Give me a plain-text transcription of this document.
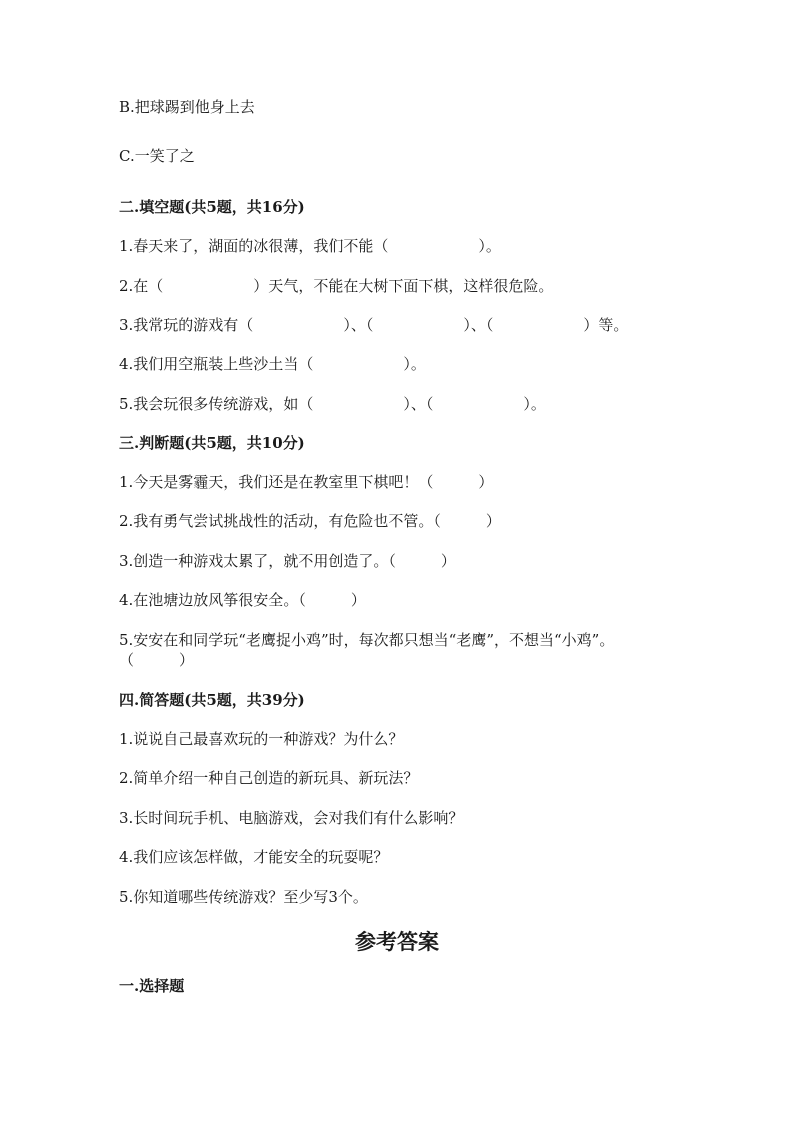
B.把球踢到他身上去
C.一笑了之
二.填空题(共5题，共16分)
1.春天来了，湖面的冰很薄，我们不能（　　　　　　）。
2.在（　　　　　　）天气，不能在大树下面下棋，这样很危险。
3.我常玩的游戏有（　　　　　　）、（　　　　　　）、（　　　　　　）等。
4.我们用空瓶装上些沙土当（　　　　　　）。
5.我会玩很多传统游戏，如（　　　　　　）、（　　　　　　）。
三.判断题(共5题，共10分)
1.今天是雾霾天，我们还是在教室里下棋吧！（　　　）
2.我有勇气尝试挑战性的活动，有危险也不管。（　　　）
3.创造一种游戏太累了，就不用创造了。（　　　）
4.在池塘边放风筝很安全。（　　　）
5.安安在和同学玩“老鹰捉小鸡”时，每次都只想当“老鹰”，不想当“小鸡”。（　　　）
四.简答题(共5题，共39分)
1.说说自己最喜欢玩的一种游戏？为什么？
2.简单介绍一种自己创造的新玩具、新玩法？
3.长时间玩手机、电脑游戏，会对我们有什么影响？
4.我们应该怎样做，才能安全的玩耍呢？
5.你知道哪些传统游戏？至少写3个。
参考答案
一.选择题
